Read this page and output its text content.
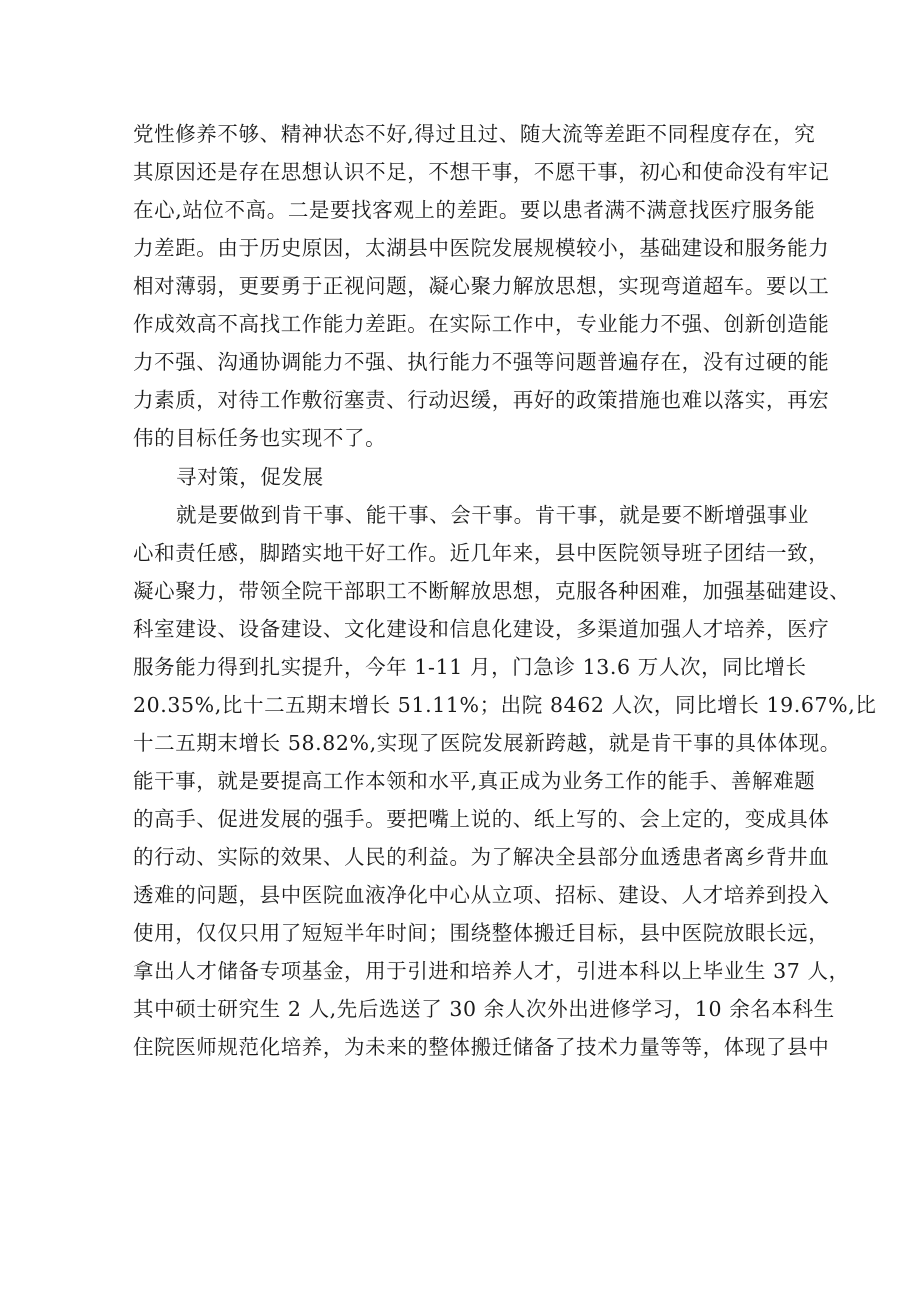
党性修养不够、精神状态不好,得过且过、随大流等差距不同程度存在，究
其原因还是存在思想认识不足，不想干事，不愿干事，初心和使命没有牢记
在心,站位不高。二是要找客观上的差距。要以患者满不满意找医疗服务能
力差距。由于历史原因，太湖县中医院发展规模较小，基础建设和服务能力
相对薄弱，更要勇于正视问题，凝心聚力解放思想，实现弯道超车。要以工
作成效高不高找工作能力差距。在实际工作中，专业能力不强、创新创造能
力不强、沟通协调能力不强、执行能力不强等问题普遍存在，没有过硬的能
力素质，对待工作敷衍塞责、行动迟缓，再好的政策措施也难以落实，再宏
伟的目标任务也实现不了。
寻对策，促发展
就是要做到肯干事、能干事、会干事。肯干事，就是要不断增强事业
心和责任感，脚踏实地干好工作。近几年来，县中医院领导班子团结一致，
凝心聚力，带领全院干部职工不断解放思想，克服各种困难，加强基础建设、
科室建设、设备建设、文化建设和信息化建设，多渠道加强人才培养，医疗
服务能力得到扎实提升，今年 1-11 月，门急诊 13.6 万人次，同比增长
20.35%,比十二五期末增长 51.11%；出院 8462 人次，同比增长 19.67%,比
十二五期末增长 58.82%,实现了医院发展新跨越，就是肯干事的具体体现。
能干事，就是要提高工作本领和水平,真正成为业务工作的能手、善解难题
的高手、促进发展的强手。要把嘴上说的、纸上写的、会上定的，变成具体
的行动、实际的效果、人民的利益。为了解决全县部分血透患者离乡背井血
透难的问题，县中医院血液净化中心从立项、招标、建设、人才培养到投入
使用，仅仅只用了短短半年时间；围绕整体搬迁目标，县中医院放眼长远，
拿出人才储备专项基金，用于引进和培养人才，引进本科以上毕业生 37 人，
其中硕士研究生 2 人,先后选送了 30 余人次外出进修学习，10 余名本科生
住院医师规范化培养，为未来的整体搬迁储备了技术力量等等，体现了县中
